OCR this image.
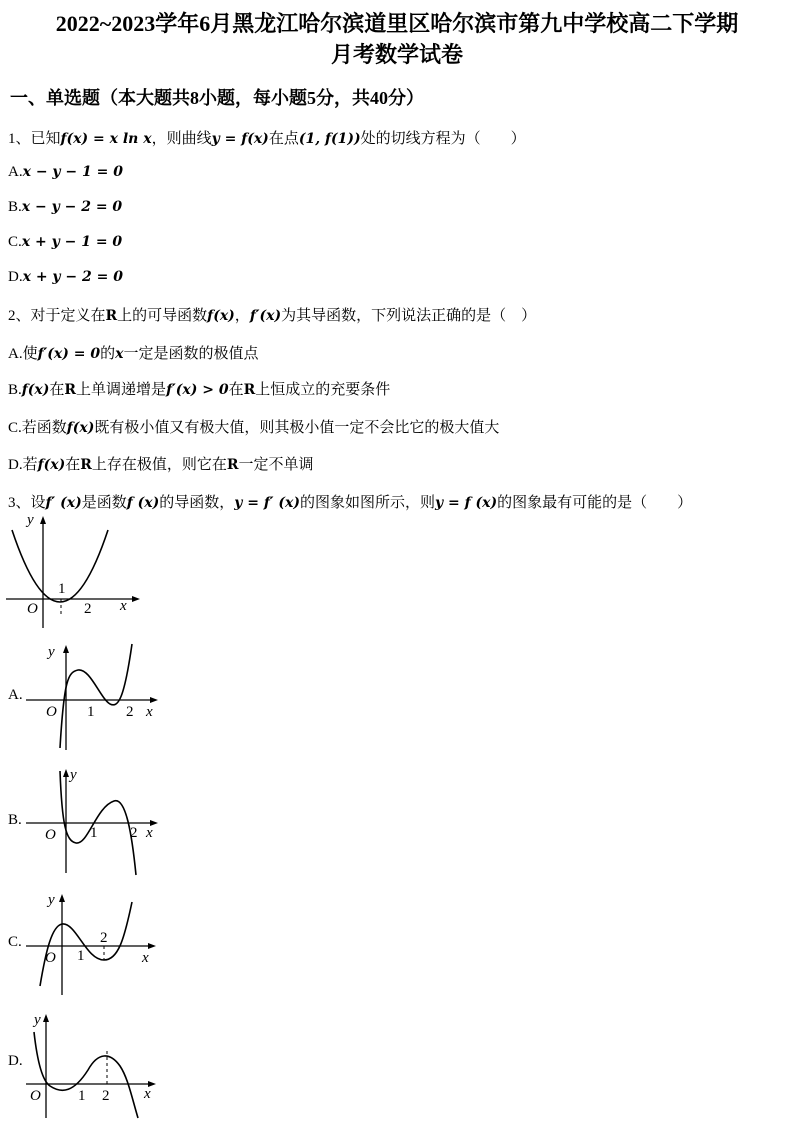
2022~2023学年6月黑龙江哈尔滨道里区哈尔滨市第九中学校高二下学期
月考数学试卷
一、单选题（本大题共8小题，每小题5分，共40分）
1、已知f(x) = x ln x，则曲线y = f(x)在点(1, f(1))处的切线方程为（　　）
A.x − y − 1 = 0
B.x − y − 2 = 0
C.x + y − 1 = 0
D.x + y − 2 = 0
2、对于定义在R上的可导函数f(x)，f′(x)为其导函数，下列说法正确的是（　）
A.使f′(x) = 0的x一定是函数的极值点
B.f(x)在R上单调递增是f′(x) > 0在R上恒成立的充要条件
C.若函数f(x)既有极小值又有极大值，则其极小值一定不会比它的极大值大
D.若f(x)在R上存在极值，则它在R一定不单调
3、设f′ (x)是函数f (x)的导函数，y = f′ (x)的图象如图所示，则y = f (x)的图象最有可能的是（　　）
y
x
O
1
2
A.
y
x
O 1 2
B.
y
x
O 1 2
C.
y
x
O 1
2
D.
y
x
O 1 2
